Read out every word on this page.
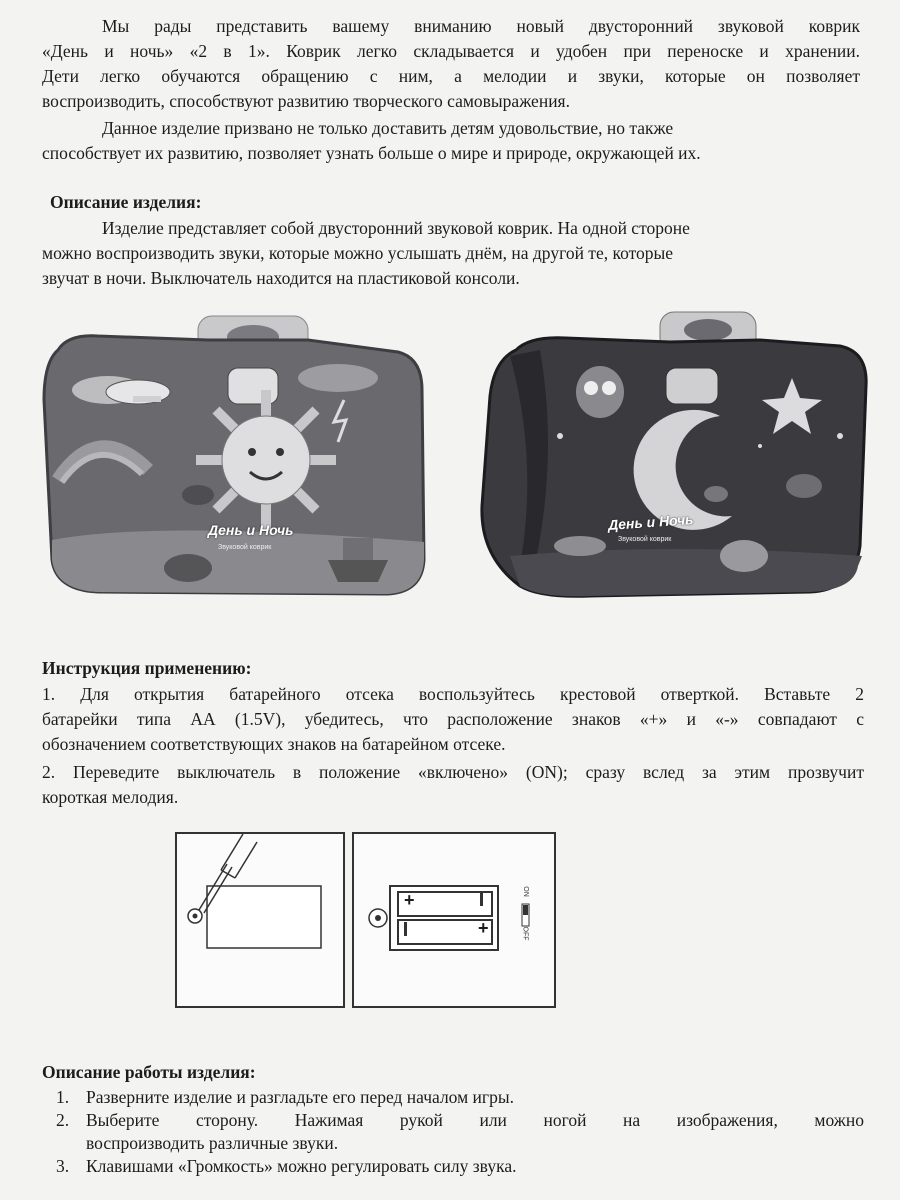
Мы рады представить вашему вниманию новый двусторонний звуковой коврик
«День и ночь» «2 в 1». Коврик легко складывается и удобен при переноске и хранении.
Дети легко обучаются обращению с ним, а мелодии и звуки, которые он позволяет
воспроизводить, способствуют развитию творческого самовыражения.
Данное изделие призвано не только доставить детям удовольствие, но также
способствует их развитию, позволяет узнать больше о мире и природе, окружающей их.
Описание изделия:
Изделие представляет собой двусторонний звуковой коврик. На одной стороне
можно воспроизводить звуки, которые можно услышать днём, на другой те, которые
звучат в ночи. Выключатель находится на пластиковой консоли.
День и Ночь
Звуковой коврик
День и Ночь
Звуковой коврик
Инструкция применению:
1. Для открытия батарейного отсека воспользуйтесь крестовой отверткой. Вставьте 2
батарейки типа АА (1.5V), убедитесь, что расположение знаков «+» и «-» совпадают с
обозначением соответствующих знаков на батарейном отсеке.
2. Переведите выключатель в положение «включено» (ON); сразу вслед за этим прозвучит
короткая мелодия.
+
+
ON
OFF
Описание работы изделия:
1. Разверните изделие и разгладьте его перед началом игры.
2. Выберите сторону. Нажимая рукой или ногой на изображения, можно
воспроизводить различные звуки.
3. Клавишами «Громкость» можно регулировать силу звука.
